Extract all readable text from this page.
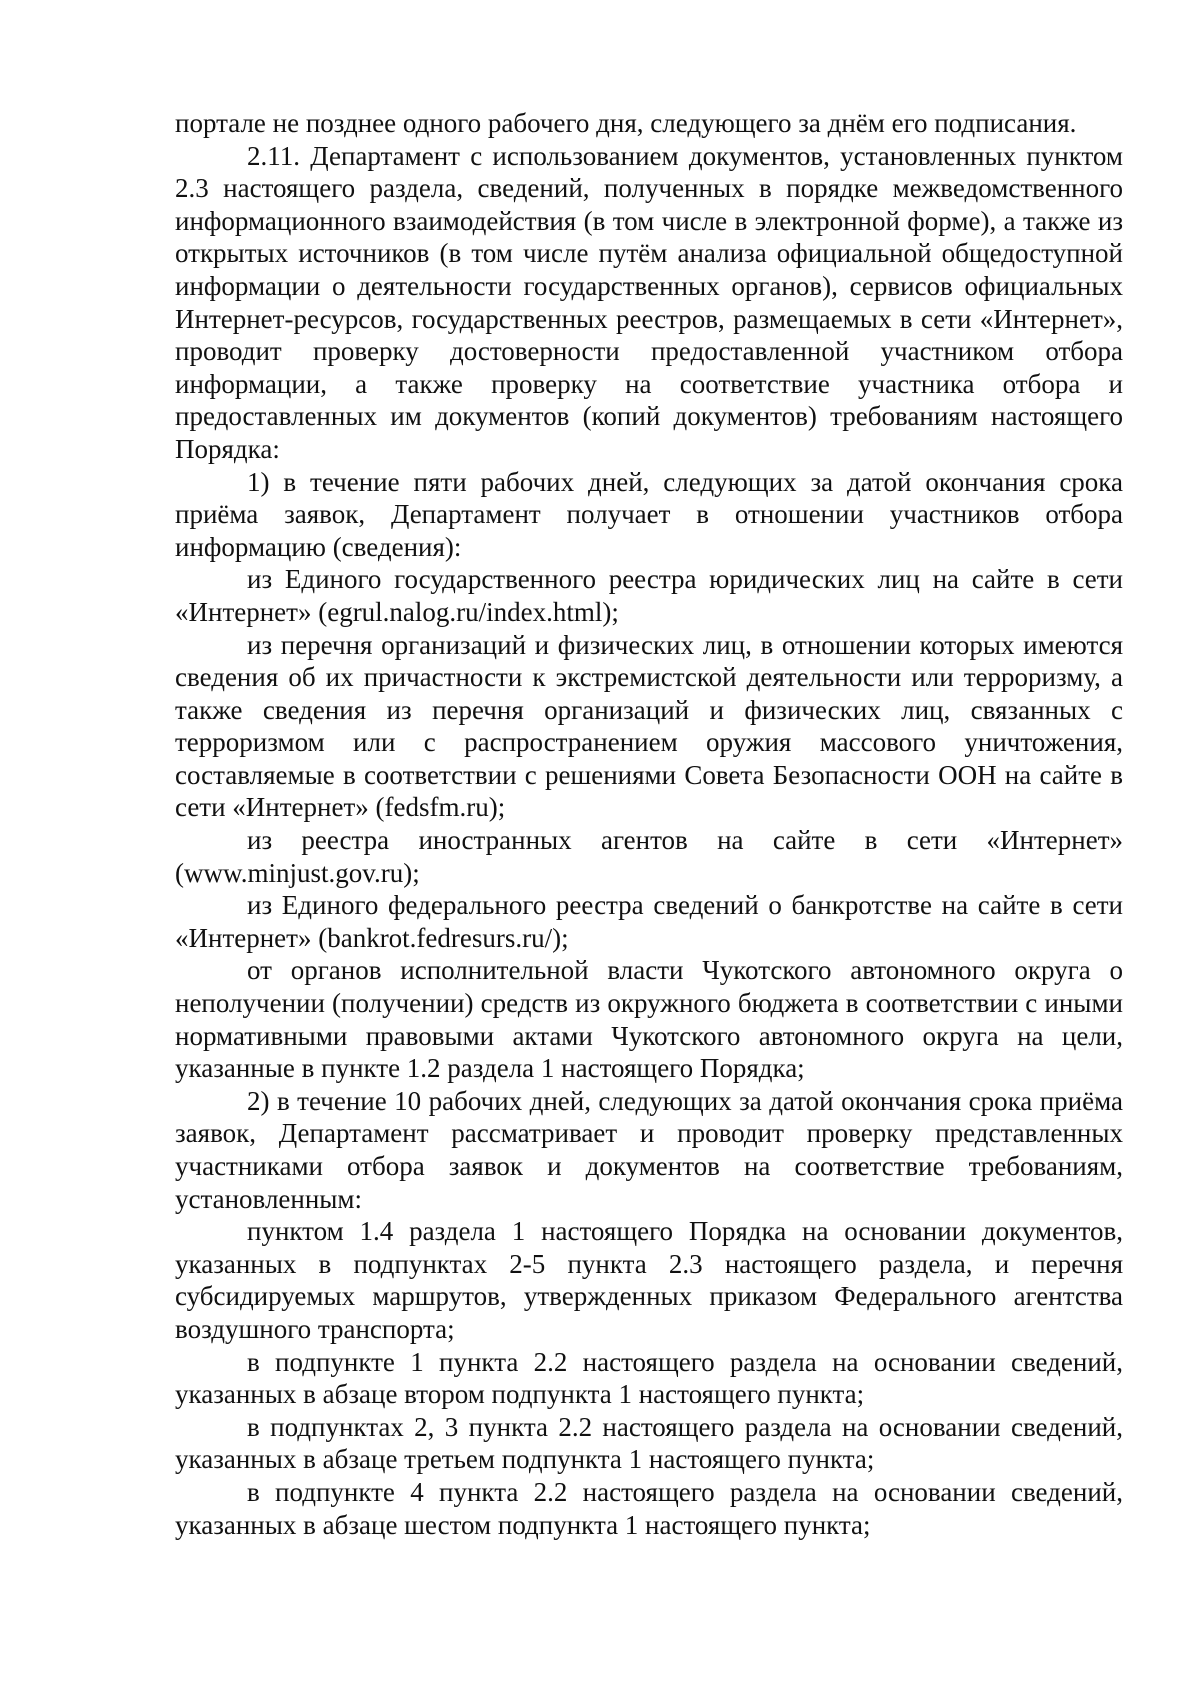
порталe не позднее одного рабочего дня, следующего за днём его подписания.

2.11. Департамент с использованием документов, установленных пунктом 2.3 настоящего раздела, сведений, полученных в порядке межведомственного информационного взаимодействия (в том числе в электронной форме), а также из открытых источников (в том числе путём анализа официальной общедоступной информации о деятельности государственных органов), сервисов официальных Интернет-ресурсов, государственных реестров, размещаемых в сети «Интернет», проводит проверку достоверности предоставленной участником отбора информации, а также проверку на соответствие участника отбора и предоставленных им документов (копий документов) требованиям настоящего Порядка:

1) в течение пяти рабочих дней, следующих за датой окончания срока приёма заявок, Департамент получает в отношении участников отбора информацию (сведения):

из Единого государственного реестра юридических лиц на сайте в сети «Интернет» (egrul.nalog.ru/index.html);

из перечня организаций и физических лиц, в отношении которых имеются сведения об их причастности к экстремистской деятельности или терроризму, а также сведения из перечня организаций и физических лиц, связанных с терроризмом или с распространением оружия массового уничтожения, составляемые в соответствии с решениями Совета Безопасности ООН на сайте в сети «Интернет» (fedsfm.ru);

из реестра иностранных агентов на сайте в сети «Интернет» (www.minjust.gov.ru);

из Единого федерального реестра сведений о банкротстве на сайте в сети «Интернет» (bankrot.fedresurs.ru/);

от органов исполнительной власти Чукотского автономного округа о неполучении (получении) средств из окружного бюджета в соответствии с иными нормативными правовыми актами Чукотского автономного округа на цели, указанные в пункте 1.2 раздела 1 настоящего Порядка;

2) в течение 10 рабочих дней, следующих за датой окончания срока приёма заявок, Департамент рассматривает и проводит проверку представленных участниками отбора заявок и документов на соответствие требованиям, установленным:

пунктом 1.4 раздела 1 настоящего Порядка на основании документов, указанных в подпунктах 2-5 пункта 2.3 настоящего раздела, и перечня субсидируемых маршрутов, утвержденных приказом Федерального агентства воздушного транспорта;

в подпункте 1 пункта 2.2 настоящего раздела на основании сведений, указанных в абзаце втором подпункта 1 настоящего пункта;

в подпунктах 2, 3 пункта 2.2 настоящего раздела на основании сведений, указанных в абзаце третьем подпункта 1 настоящего пункта;

в подпункте 4 пункта 2.2 настоящего раздела на основании сведений, указанных в абзаце шестом подпункта 1 настоящего пункта;
